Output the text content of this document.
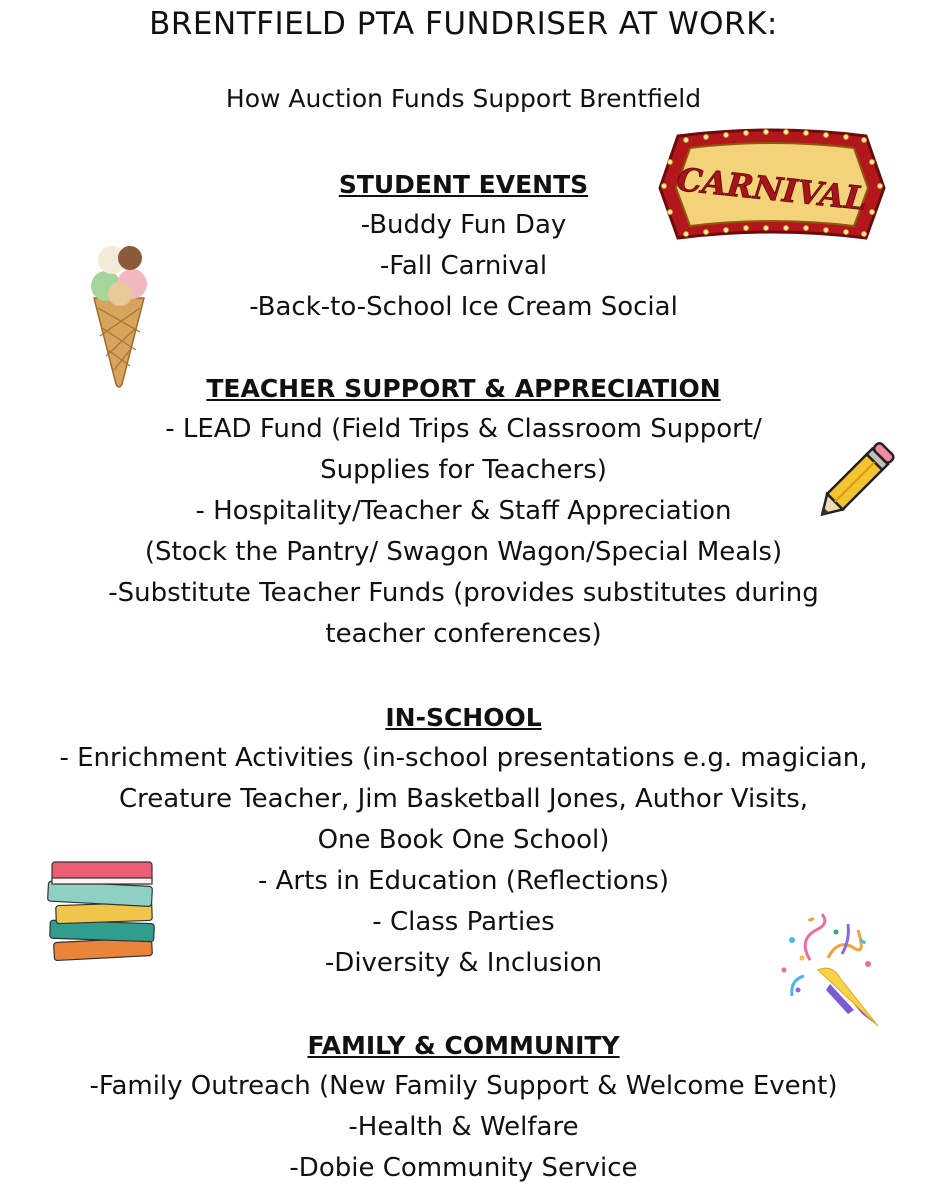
BRENTFIELD PTA FUNDRISER AT WORK:
How Auction Funds Support Brentfield
STUDENT EVENTS
-Buddy Fun Day
-Fall Carnival
-Back-to-School Ice Cream Social
TEACHER SUPPORT & APPRECIATION
- LEAD Fund (Field Trips & Classroom Support/
Supplies for Teachers)
- Hospitality/Teacher & Staff Appreciation
(Stock the Pantry/ Swagon Wagon/Special Meals)
-Substitute Teacher Funds (provides substitutes during
teacher conferences)
IN-SCHOOL
- Enrichment Activities (in-school presentations e.g. magician,
Creature Teacher, Jim Basketball Jones, Author Visits,
One Book One School)
- Arts in Education (Reflections)
- Class Parties
-Diversity & Inclusion
FAMILY & COMMUNITY
-Family Outreach (New Family Support & Welcome Event)
-Health & Welfare
-Dobie Community Service
CARNIVAL
